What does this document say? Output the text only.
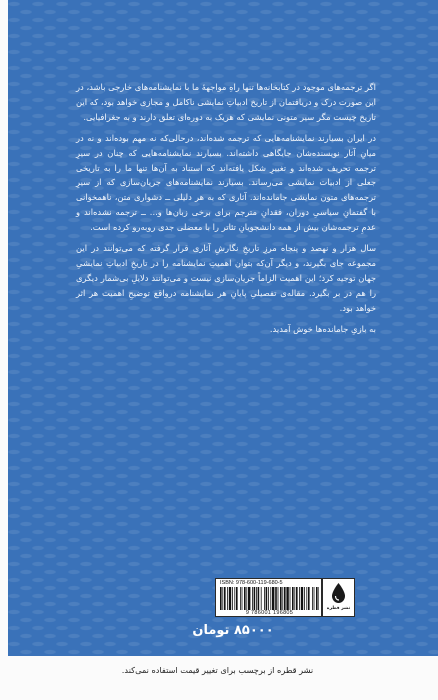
اگر ترجمه‌های موجود در کتابخانه‌ها تنها راهِ مواجههٔ ما با نمایشنامه‌های خارجی باشد، در این صورت درک و دریافتمان از تاریخ ادبیاتِ نمایشی ناکامل و مجازی خواهد بود، که این تاریخ چیست مگر سیر متونی نمایشی که هریک به دوره‌ای تعلق دارند و به جغرافیایی.

در ایران بسیارند نمایشنامه‌هایی که ترجمه شده‌اند، درحالی‌که نه مهم بوده‌اند و نه در میانِ آثار نویسنده‌شان جایگاهی داشته‌اند. بسیارند نمایشنامه‌هایی که چنان در سیرِ ترجمه تحریف شده‌اند و تغییرِ شکل یافته‌اند که استناد به آن‌ها تنها ما را به تاریخی جعلی از ادبیات نمایشی می‌رساند. بسیارند نمایشنامه‌های جریان‌سازی که از سیرِ ترجمه‌های متون نمایشی جامانده‌اند. آثاری که به هر دلیلی ــ دشواری متن، ناهمخوانی با گفتمانِ سیاسیِ دوران، فقدانِ مترجم برای برخی زبان‌ها و... ــ ترجمه نشده‌اند و عدمِ ترجمه‌شان بیش از همه دانشجویانِ تئاتر را با معضلی جدی روبه‌رو کرده است.

سال هزار و نهصد و پنجاه مرزِ تاریخِ نگارشِ آثاری قرار گرفته که می‌توانند در این مجموعه جای بگیرند، و دیگر آن‌که بتوان اهمیتِ نمایشنامه را در تاریخِ ادبیاتِ نمایشیِ جهان توجیه کرد؛ این اهمیت الزاماً جریان‌سازی نیست و می‌توانند دلایلِ بی‌شمار دیگری را هم در بر بگیرد. مقاله‌ی تفصیلیِ پایانِ هر نمایشنامه درواقع توضیحِ اهمیت هر اثر خواهد بود.

به بازیِ جامانده‌ها خوش آمدید.

ISBN: 978-600-119-680-5
9 786001 196805
نشر قطره
۸۵۰۰۰ تومان
نشر قطره از برچسب برای تغییر قیمت استفاده نمی‌کند.
